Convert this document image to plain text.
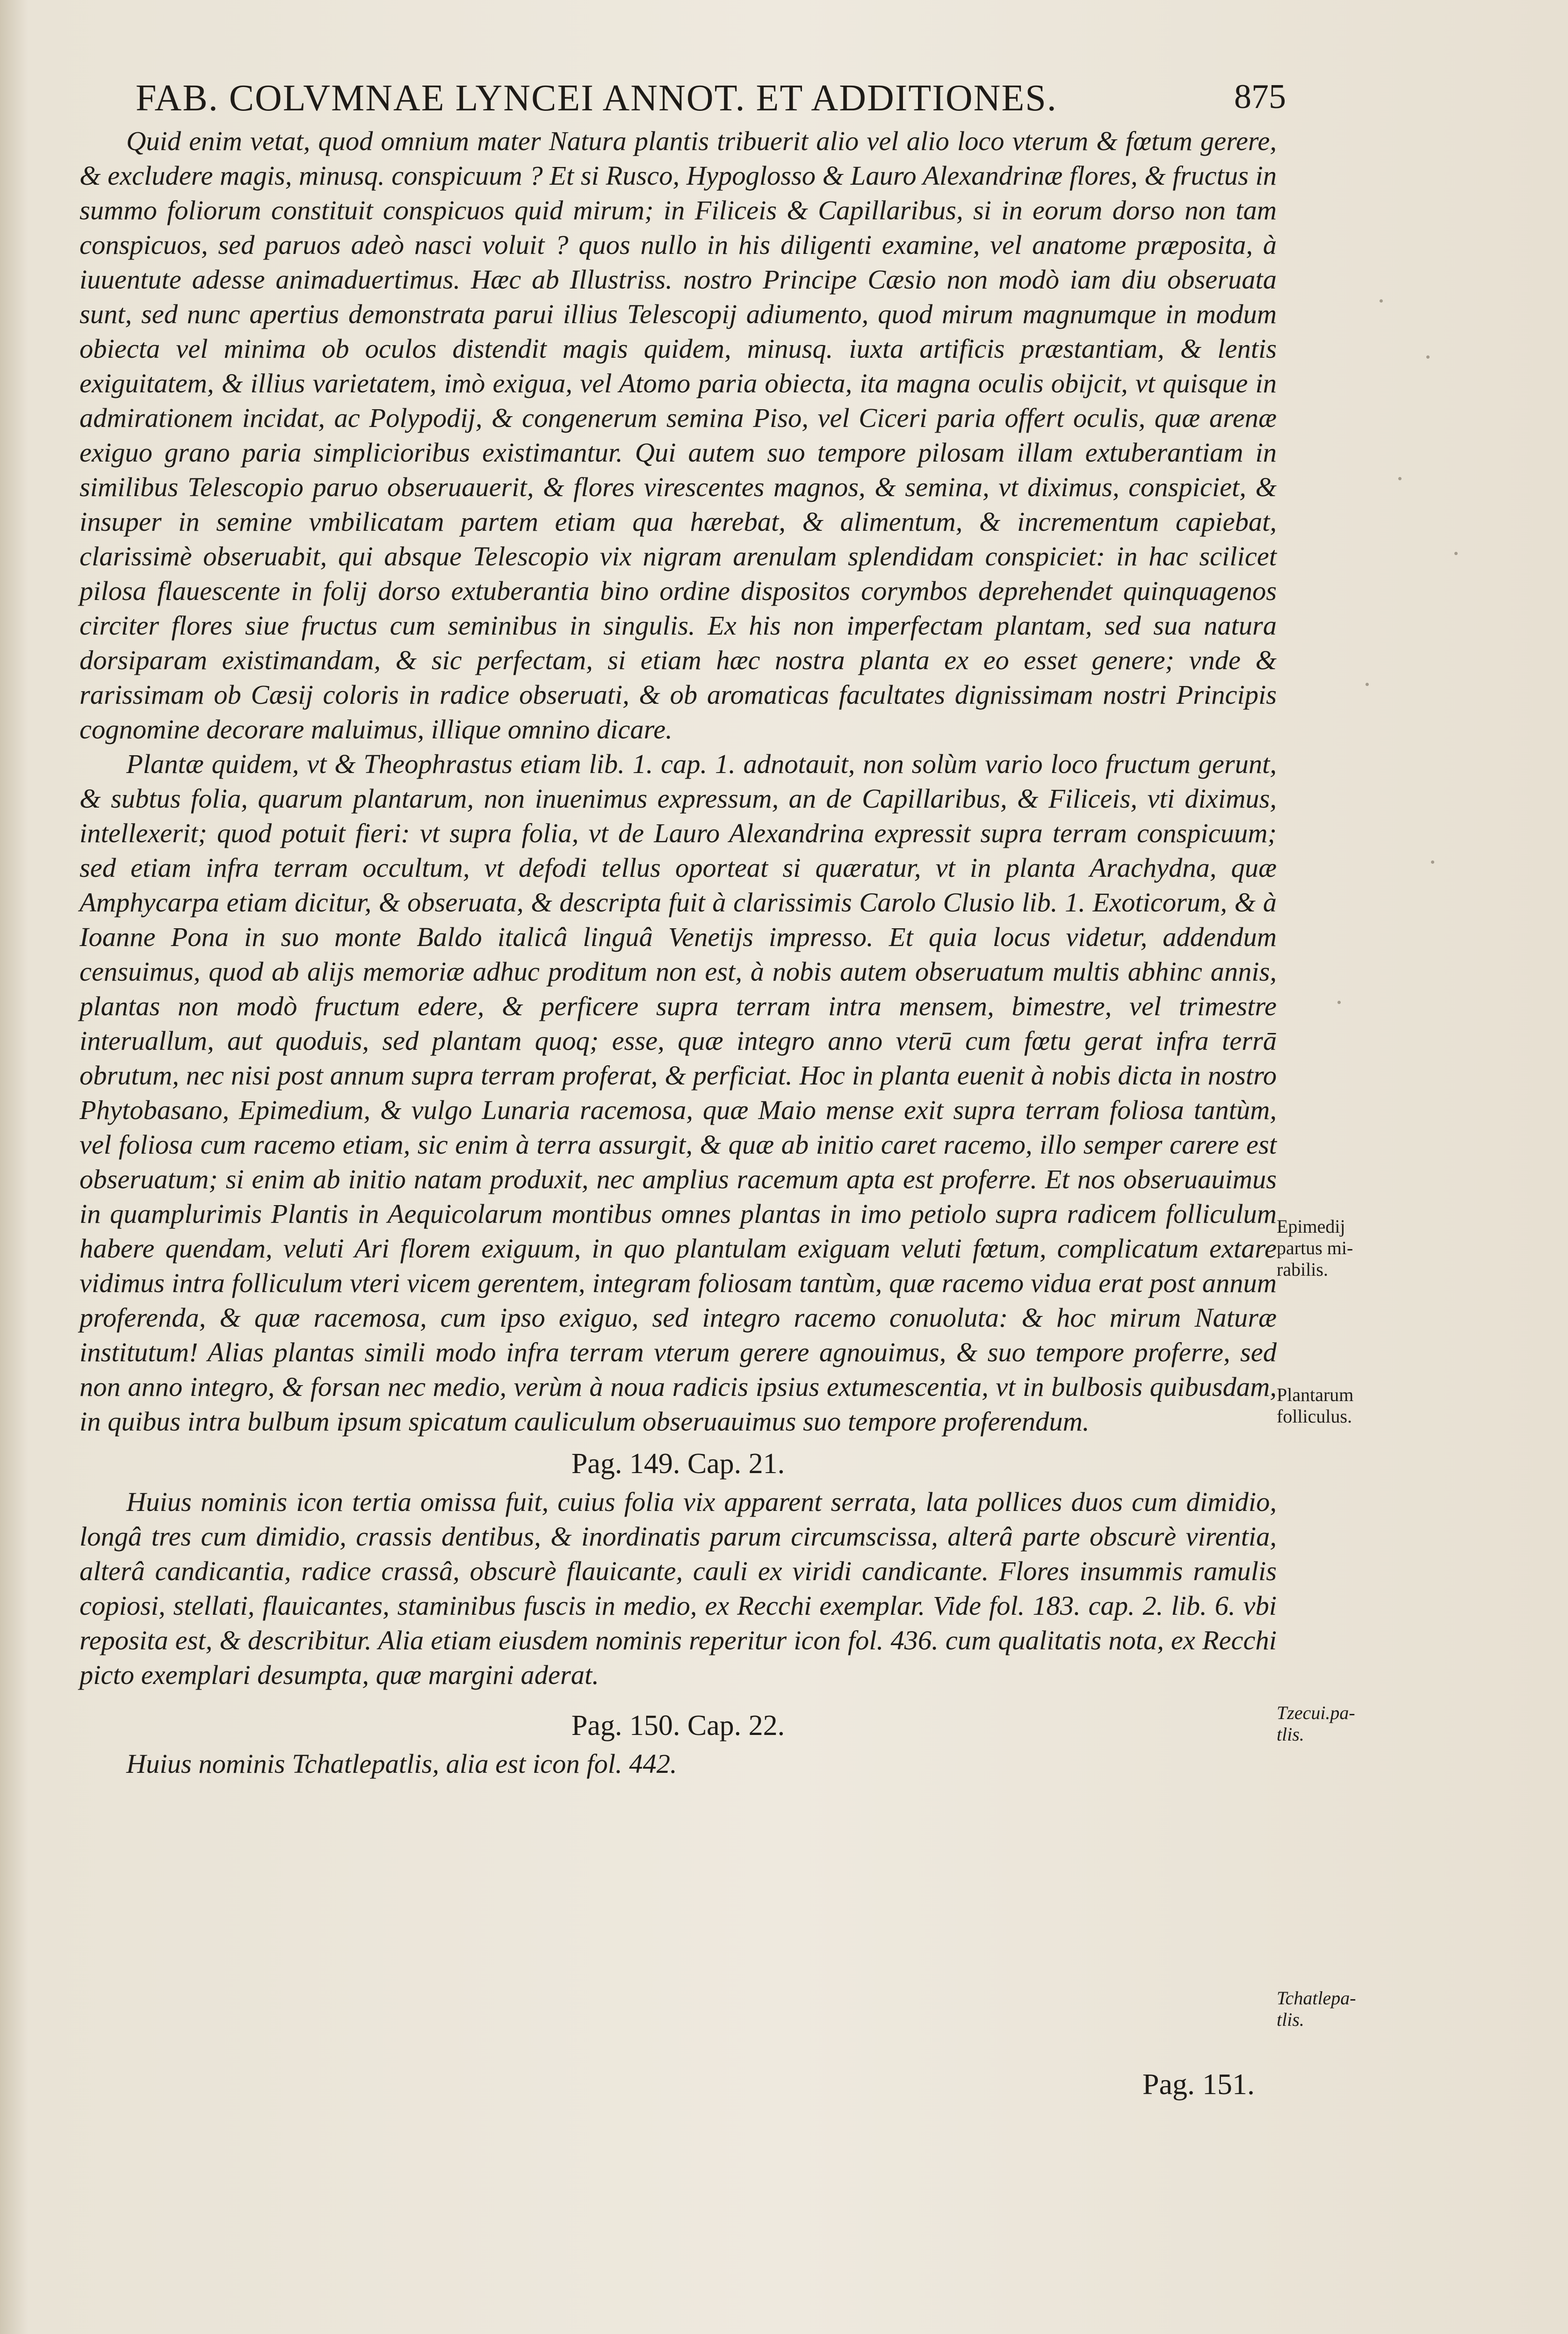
FAB. COLVMNAE LYNCEI ANNOT. ET ADDITIONES.	875

Quid enim vetat, quod omnium mater Natura plantis tribuerit alio vel alio loco vterum & fœtum gerere, & excludere magis, minusq. conspicuum ? Et si Rusco, Hypoglosso & Lauro Alexandrinæ flores, & fructus in summo foliorum constituit conspicuos quid mirum; in Filiceis & Capillaribus, si in eorum dorso non tam conspicuos, sed paruos adeò nasci voluit ? quos nullo in his diligenti examine, vel anatome præposita, à iuuentute adesse animaduertimus. Hæc ab Illustriss. nostro Principe Cæsio non modò iam diu obseruata sunt, sed nunc apertius demonstrata parui illius Telescopij adiumento, quod mirum magnumque in modum obiecta vel minima ob oculos distendit magis quidem, minusq. iuxta artificis præstantiam, & lentis exiguitatem, & illius varietatem, imò exigua, vel Atomo paria obiecta, ita magna oculis obijcit, vt quisque in admirationem incidat, ac Polypodij, & congenerum semina Piso, vel Ciceri paria offert oculis, quæ arenæ exiguo grano paria simplicioribus existimantur. Qui autem suo tempore pilosam illam extuberantiam in similibus Telescopio paruo obseruauerit, & flores virescentes magnos, & semina, vt diximus, conspiciet, & insuper in semine vmbilicatam partem etiam qua hærebat, & alimentum, & incrementum capiebat, clarissimè obseruabit, qui absque Telescopio vix nigram arenulam splendidam conspiciet: in hac scilicet pilosa flauescente in folij dorso extuberantia bino ordine dispositos corymbos deprehendet quinquagenos circiter flores siue fructus cum seminibus in singulis. Ex his non imperfectam plantam, sed sua natura dorsiparam existimandam, & sic perfectam, si etiam hæc nostra planta ex eo esset genere; vnde & rarissimam ob Cæsij coloris in radice obseruati, & ob aromaticas facultates dignissimam nostri Principis cognomine decorare maluimus, illique omnino dicare.

Plantæ quidem, vt & Theophrastus etiam lib. 1. cap. 1. adnotauit, non solùm vario loco fructum gerunt, & subtus folia, quarum plantarum, non inuenimus expressum, an de Capillaribus, & Filiceis, vti diximus, intellexerit; quod potuit fieri: vt supra folia, vt de Lauro Alexandrina expressit supra terram conspicuum; sed etiam infra terram occultum, vt defodi tellus oporteat si quæratur, vt in planta Arachydna, quæ Amphycarpa etiam dicitur, & obseruata, & descripta fuit à clarissimis Carolo Clusio lib. 1. Exoticorum, & à Ioanne Pona in suo monte Baldo italicâ linguâ Venetijs impresso. Et quia locus videtur, addendum censuimus, quod ab alijs memoriæ adhuc proditum non est, à nobis autem obseruatum multis abhinc annis, plantas non modò fructum edere, & perficere supra terram intra mensem, bimestre, vel trimestre interuallum, aut quoduis, sed plantam quoq; esse, quæ integro anno vterū cum fœtu gerat infra terrā obrutum, nec nisi post annum supra terram proferat, & perficiat. Hoc in planta euenit à nobis dicta in nostro Phytobasano, Epimedium, & vulgo Lunaria racemosa, quæ Maio mense exit supra terram foliosa tantùm, vel foliosa cum racemo etiam, sic enim à terra assurgit, & quæ ab initio caret racemo, illo semper carere est obseruatum; si enim ab initio natam produxit, nec amplius racemum apta est proferre. Et nos obseruauimus in quamplurimis Plantis in Aequicolarum montibus omnes plantas in imo petiolo supra radicem folliculum habere quendam, veluti Ari florem exiguum, in quo plantulam exiguam veluti fœtum, complicatum extare vidimus intra folliculum vteri vicem gerentem, integram foliosam tantùm, quæ racemo vidua erat post annum proferenda, & quæ racemosa, cum ipso exiguo, sed integro racemo conuoluta: & hoc mirum Naturæ institutum! Alias plantas simili modo infra terram vterum gerere agnouimus, & suo tempore proferre, sed non anno integro, & forsan nec medio, verùm à noua radicis ipsius extumescentia, vt in bulbosis quibusdam, in quibus intra bulbum ipsum spicatum cauliculum obseruauimus suo tempore proferendum.

Pag. 149. Cap. 21.

Huius nominis icon tertia omissa fuit, cuius folia vix apparent serrata, lata pollices duos cum dimidio, longâ tres cum dimidio, crassis dentibus, & inordinatis parum circumscissa, alterâ parte obscurè virentia, alterâ candicantia, radice crassâ, obscurè flauicante, cauli ex viridi candicante. Flores insummis ramulis copiosi, stellati, flauicantes, staminibus fuscis in medio, ex Recchi exemplar. Vide fol. 183. cap. 2. lib. 6. vbi reposita est, & describitur. Alia etiam eiusdem nominis reperitur icon fol. 436. cum qualitatis nota, ex Recchi picto exemplari desumpta, quæ margini aderat.

Pag. 150. Cap. 22.

Huius nominis Tchatlepatlis, alia est icon fol. 442.

Epimedij
partus mi-
rabilis.
Plantarum
folliculus.
Tzecui.pa-
tlis.
Tchatlepa-
tlis.
Pag. 151.
